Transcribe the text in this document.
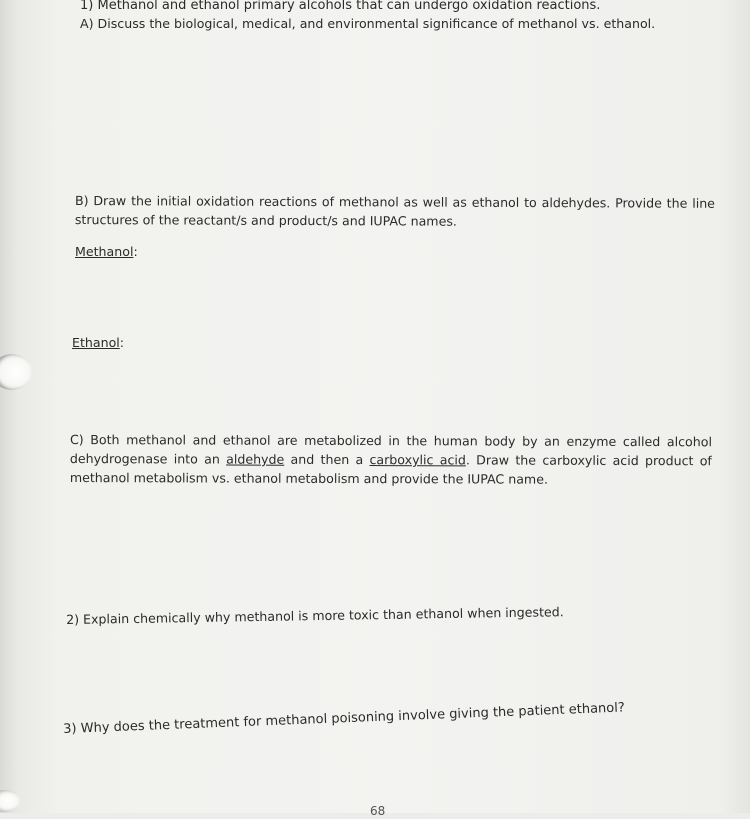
1) Methanol and ethanol primary alcohols that can undergo oxidation reactions.

A) Discuss the biological, medical, and environmental significance of methanol vs. ethanol.

B) Draw the initial oxidation reactions of methanol as well as ethanol to aldehydes. Provide the line structures of the reactant/s and product/s and IUPAC names.

Methanol:

Ethanol:

C) Both methanol and ethanol are metabolized in the human body by an enzyme called alcohol dehydrogenase into an aldehyde and then a carboxylic acid. Draw the carboxylic acid product of methanol metabolism vs. ethanol metabolism and provide the IUPAC name.

2) Explain chemically why methanol is more toxic than ethanol when ingested.

3) Why does the treatment for methanol poisoning involve giving the patient ethanol?

68
